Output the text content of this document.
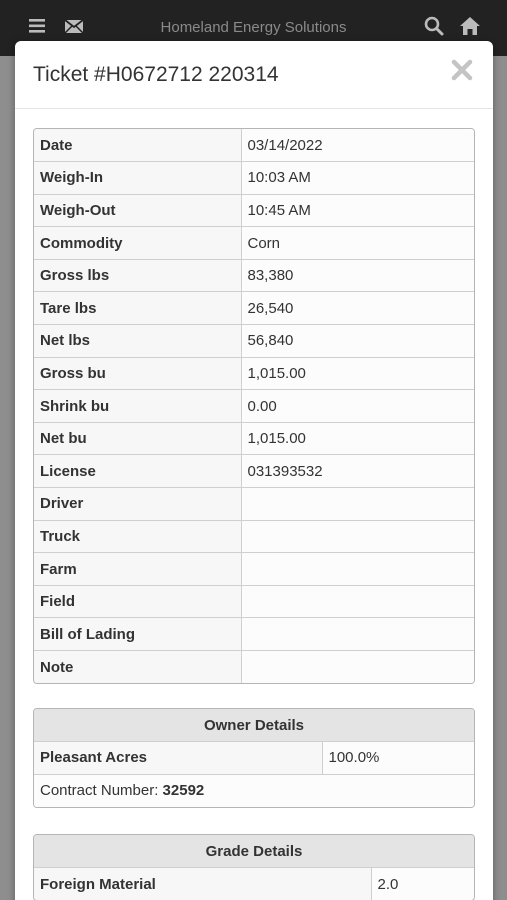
Homeland Energy Solutions
Ticket #H0672712 220314
Date	03/14/2022
Weigh-In	10:03 AM
Weigh-Out	10:45 AM
Commodity	Corn
Gross lbs	83,380
Tare lbs	26,540
Net lbs	56,840
Gross bu	1,015.00
Shrink bu	0.00
Net bu	1,015.00
License	031393532
Driver	
Truck	
Farm	
Field	
Bill of Lading	
Note	
Owner Details
Pleasant Acres	100.0%
Contract Number: 32592
Grade Details
Foreign Material	2.0
